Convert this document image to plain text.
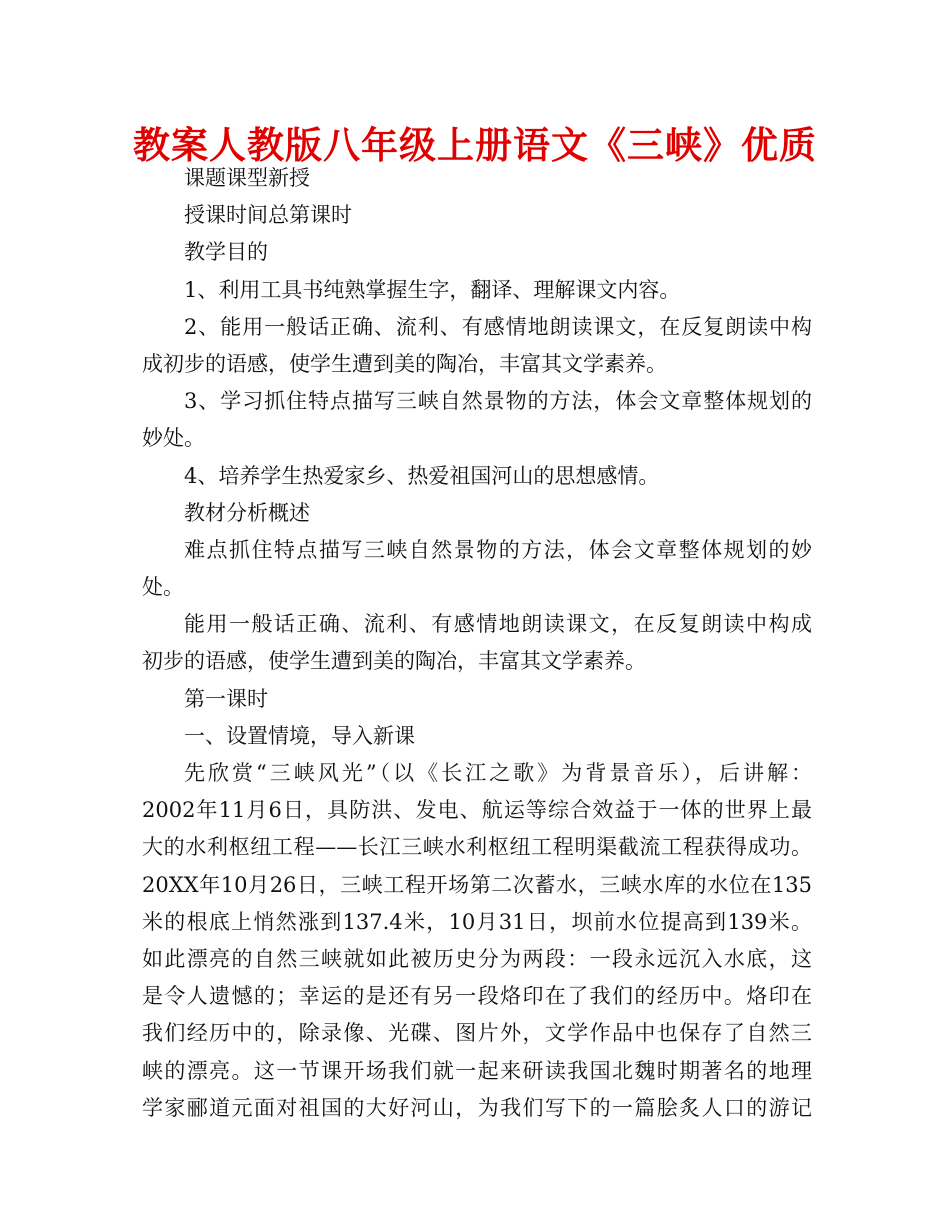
教案人教版八年级上册语文《三峡》优质
课题课型新授
授课时间总第课时
教学目的
1、利用工具书纯熟掌握生字，翻译、理解课文内容。
2、能用一般话正确、流利、有感情地朗读课文，在反复朗读中构
成初步的语感，使学生遭到美的陶冶，丰富其文学素养。
3、学习抓住特点描写三峡自然景物的方法，体会文章整体规划的
妙处。
4、培养学生热爱家乡、热爱祖国河山的思想感情。
教材分析概述
难点抓住特点描写三峡自然景物的方法，体会文章整体规划的妙
处。
能用一般话正确、流利、有感情地朗读课文，在反复朗读中构成
初步的语感，使学生遭到美的陶冶，丰富其文学素养。
第一课时
一、设置情境，导入新课
先欣赏“三峡风光”（以《长江之歌》为背景音乐），后讲解：
2002年11月6日，具防洪、发电、航运等综合效益于一体的世界上最
大的水利枢纽工程——长江三峡水利枢纽工程明渠截流工程获得成功。
20XX年10月26日，三峡工程开场第二次蓄水，三峡水库的水位在135
米的根底上悄然涨到137.4米，10月31日，坝前水位提高到139米。
如此漂亮的自然三峡就如此被历史分为两段：一段永远沉入水底，这
是令人遗憾的；幸运的是还有另一段烙印在了我们的经历中。烙印在
我们经历中的，除录像、光碟、图片外，文学作品中也保存了自然三
峡的漂亮。这一节课开场我们就一起来研读我国北魏时期著名的地理
学家郦道元面对祖国的大好河山，为我们写下的一篇脍炙人口的游记
